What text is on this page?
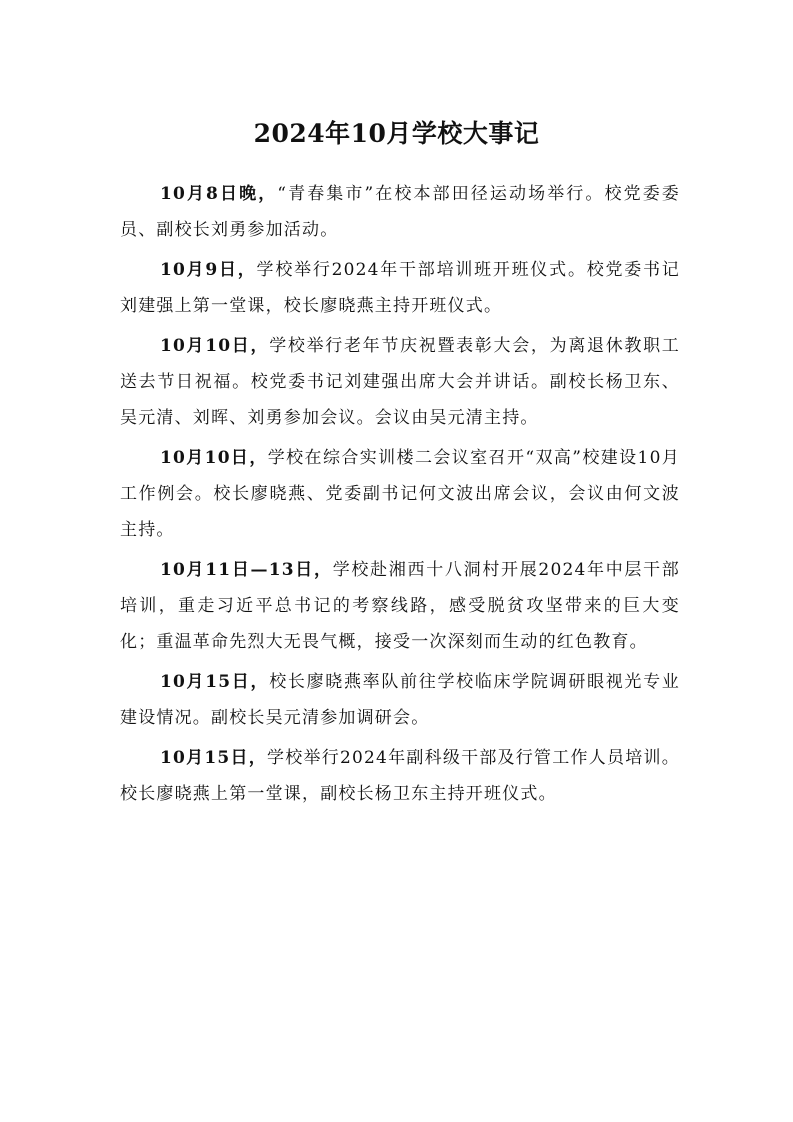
2024年10月学校大事记

10月8日晚，“青春集市”在校本部田径运动场举行。校党委委员、副校长刘勇参加活动。

10月9日，学校举行2024年干部培训班开班仪式。校党委书记刘建强上第一堂课，校长廖晓燕主持开班仪式。

10月10日，学校举行老年节庆祝暨表彰大会，为离退休教职工送去节日祝福。校党委书记刘建强出席大会并讲话。副校长杨卫东、吴元清、刘晖、刘勇参加会议。会议由吴元清主持。

10月10日，学校在综合实训楼二会议室召开“双高”校建设10月工作例会。校长廖晓燕、党委副书记何文波出席会议，会议由何文波主持。

10月11日—13日，学校赴湘西十八洞村开展2024年中层干部培训，重走习近平总书记的考察线路，感受脱贫攻坚带来的巨大变化；重温革命先烈大无畏气概，接受一次深刻而生动的红色教育。

10月15日，校长廖晓燕率队前往学校临床学院调研眼视光专业建设情况。副校长吴元清参加调研会。

10月15日，学校举行2024年副科级干部及行管工作人员培训。校长廖晓燕上第一堂课，副校长杨卫东主持开班仪式。
